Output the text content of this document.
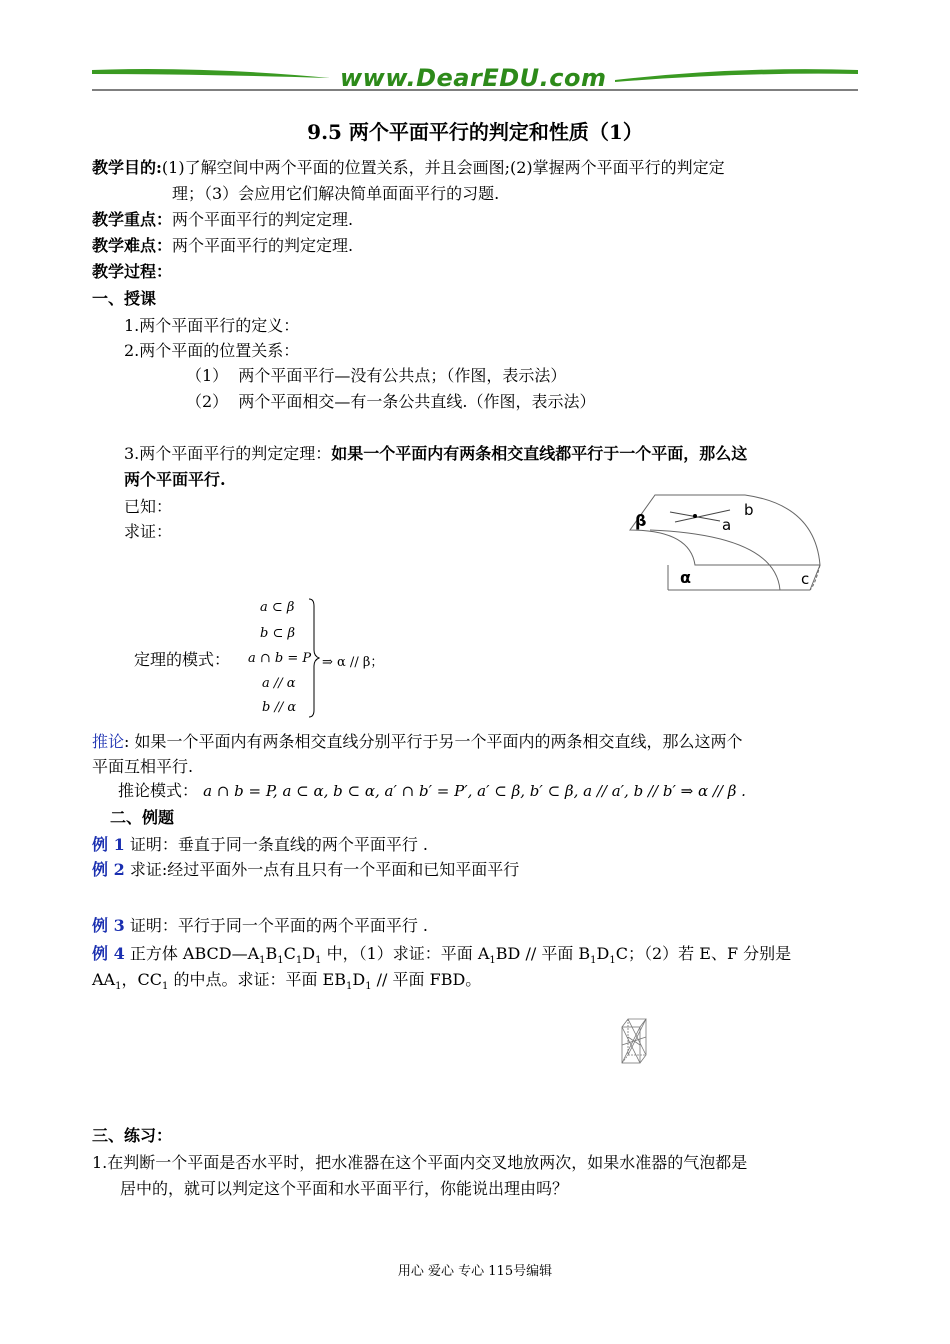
www.DearEDU.com
9.5 两个平面平行的判定和性质（1）
教学目的:(1)了解空间中两个平面的位置关系，并且会画图;(2)掌握两个平面平行的判定定
理；（3）会应用它们解决简单面面平行的习题.
教学重点：两个平面平行的判定定理.
教学难点：两个平面平行的判定定理.
教学过程：
一、授课
1.两个平面平行的定义：
2.两个平面的位置关系：
（1） 两个平面平行—没有公共点；（作图，表示法）
（2） 两个平面相交—有一条公共直线.（作图，表示法）
3.两个平面平行的判定定理：如果一个平面内有两条相交直线都平行于一个平面，那么这
两个平面平行.
已知：
求证：
β
b
a
α	c
定理的模式：
a ⊂ β
b ⊂ β
a ∩ b = P
a // α
b // α
⇒ α // β；
推论: 如果一个平面内有两条相交直线分别平行于另一个平面内的两条相交直线，那么这两个
平面互相平行.
推论模式： a ∩ b = P, a ⊂ α, b ⊂ α, a′ ∩ b′ = P′, a′ ⊂ β, b′ ⊂ β, a // a′, b // b′ ⇒ α // β .
二、例题
例 1 证明：垂直于同一条直线的两个平面平行 .
例 2 求证:经过平面外一点有且只有一个平面和已知平面平行
例 3 证明：平行于同一个平面的两个平面平行 .
例 4 正方体 $ABCD—A_1B_1C_1D_1$ 中，（1）求证：平面 $A_1BD$ // 平面 $B_1D_1C$；（2）若 E、F 分别是
$AA_1$，$CC_1$ 的中点。求证：平面 $EB_1D_1$ // 平面 FBD。
三、练习：
1.在判断一个平面是否水平时，把水准器在这个平面内交叉地放两次，如果水准器的气泡都是
居中的，就可以判定这个平面和水平面平行，你能说出理由吗？
用心 爱心 专心 115号编辑
